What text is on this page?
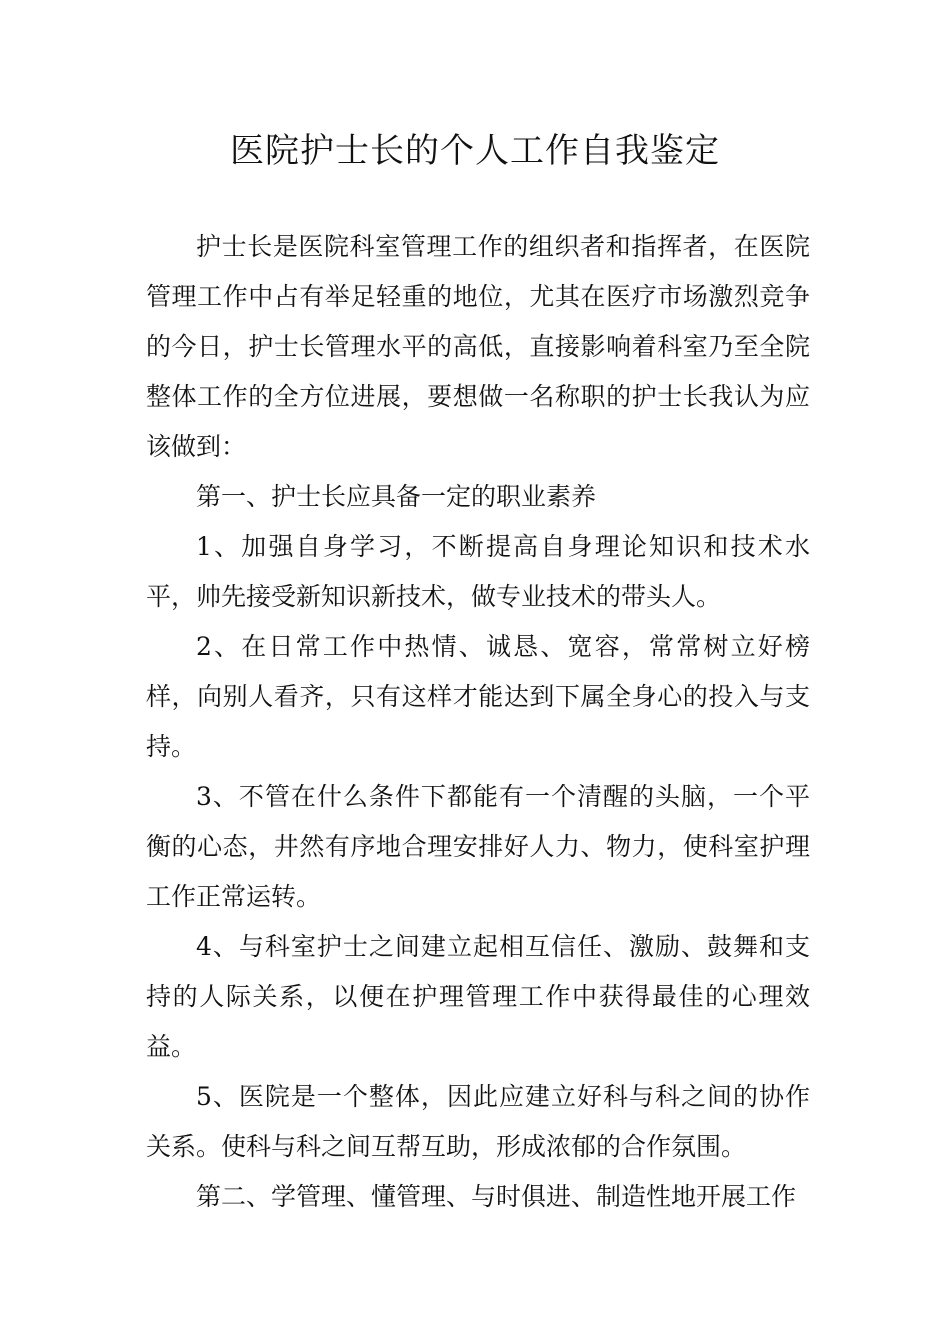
医院护士长的个人工作自我鉴定

护士长是医院科室管理工作的组织者和指挥者，在医院管理工作中占有举足轻重的地位，尤其在医疗市场激烈竞争的今日，护士长管理水平的高低，直接影响着科室乃至全院整体工作的全方位进展，要想做一名称职的护士长我认为应该做到：

第一、护士长应具备一定的职业素养

1、加强自身学习，不断提高自身理论知识和技术水平，帅先接受新知识新技术，做专业技术的带头人。

2、在日常工作中热情、诚恳、宽容，常常树立好榜样，向别人看齐，只有这样才能达到下属全身心的投入与支持。

3、不管在什么条件下都能有一个清醒的头脑，一个平衡的心态，井然有序地合理安排好人力、物力，使科室护理工作正常运转。

4、与科室护士之间建立起相互信任、激励、鼓舞和支持的人际关系，以便在护理管理工作中获得最佳的心理效益。

5、医院是一个整体，因此应建立好科与科之间的协作关系。使科与科之间互帮互助，形成浓郁的合作氛围。

第二、学管理、懂管理、与时俱进、制造性地开展工作
